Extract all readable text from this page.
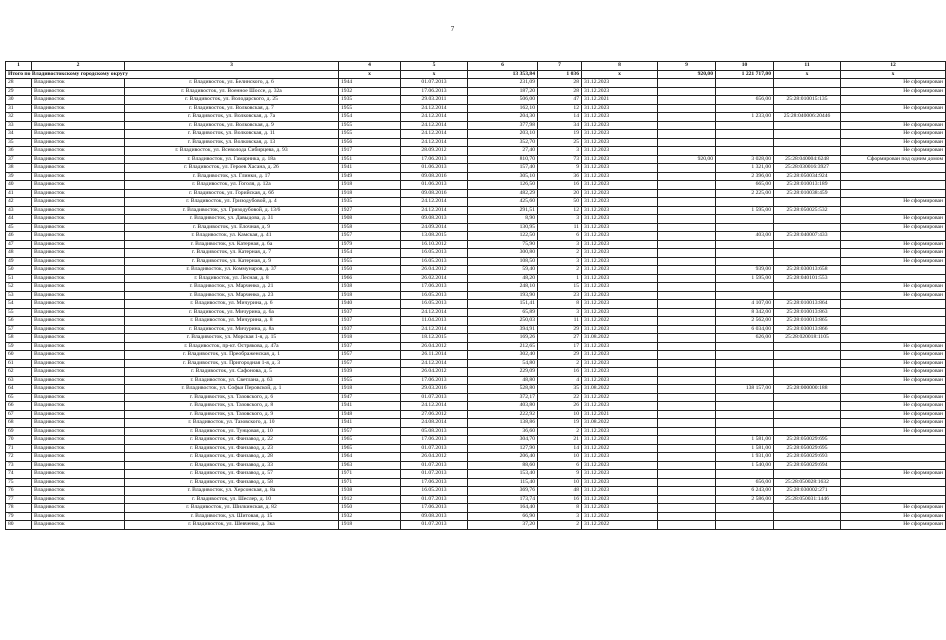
7
1	2	3	4	5	6	7	8	9	10	11	12
Итого по Владивостокскому городскому округу			x	x	13 353,84	1 036	x	920,00	1 221 717,00	x	x
28	Владивосток	г. Владивосток, ул. Белинского, д. 6	1944	01.07.2013	231,09	28	31.12.2023				Не сформирован
29	Владивосток	г. Владивосток, ул. Военное Шоссе, д. 32а	1932	17.06.2013	187,20	28	31.12.2023				Не сформирован
30	Владивосток	г. Владивосток, ул. Володарского, д. 25	1935	29.03.2011	506,00	47	31.12.2021		656,00	25:28:010015:135	
31	Владивосток	г. Владивосток, ул. Волковская, д. 7	1955	24.12.2014	162,10	12	31.12.2023				Не сформирован
32	Владивосток	г. Владивосток, ул. Волковская, д. 7а	1954	24.12.2014	204,30	14	31.12.2023		1 233,00	25:28:040006:20446	
33	Владивосток	г. Владивосток, ул. Волковская, д. 9	1955	24.12.2014	377,98	34	31.12.2023				Не сформирован
34	Владивосток	г. Владивосток, ул. Волковская, д. 11	1955	24.12.2014	203,10	19	31.12.2023				Не сформирован
35	Владивосток	г. Владивосток, ул. Волковская, д. 13	1956	24.12.2014	352,70	25	31.12.2023				Не сформирован
36	Владивосток	г. Владивосток, ул. Всеволода Сибирцева, д. 93	1917	28.09.2012	27,40	3	31.12.2023				Не сформирован
37	Владивосток	г. Владивосток, ул. Гамарника, д. 18а	1951	17.06.2013	810,70	73	31.12.2023	920,00	3 028,00	25:28:040004:6248	Сформирован под одним домом
38	Владивосток	г. Владивосток, ул. Героев Хасана, д. 26	1941	01.06.2013	157,40	9	31.12.2023		1 321,00	25:28:030016:3927	
39	Владивосток	г. Владивосток, ул. Глинки, д. 17	1949	09.08.2016	305,10	36	31.12.2023		2 396,00	25:28:050034:924	
40	Владивосток	г. Владивосток, ул. Гоголя, д. 12а	1918	01.06.2013	126,50	16	31.12.2023		665,00	25:28:010013:189	
41	Владивосток	г. Владивосток, ул. Горийская, д. 6б	1918	09.08.2016	482,29	20	31.12.2023		2 225,00	25:28:010038:459	
42	Владивосток	г. Владивосток, ул. Гризодубовой, д. 4	1935	24.12.2014	425,60	50	31.12.2023				Не сформирован
43	Владивосток	г. Владивосток, ул. Гризодубовой, д. 13/6	1927	24.12.2014	291,51	12	31.12.2023		1 595,00	25:28:050025:532	
44	Владивосток	г. Владивосток, ул. Давыдова, д. 31	1908	09.08.2013	8,90	3	31.12.2023				Не сформирован
45	Владивосток	г. Владивосток, ул. Ёлочная, д. 9	1958	24.09.2014	130,95	11	31.12.2023				Не сформирован
46	Владивосток	г. Владивосток, ул. Камская, д. 41	1957	13.08.2015	122,50	6	31.12.2023		403,00	25:28:040007:433	
47	Владивосток	г. Владивосток, ул. Катерная, д. 6а	1979	16.10.2012	75,90	3	31.12.2023				Не сформирован
48	Владивосток	г. Владивосток, ул. Катерная, д. 7	1954	16.05.2013	300,80	2	31.12.2023				Не сформирован
49	Владивосток	г. Владивосток, ул. Катерная, д. 9	1955	16.05.2013	108,50	3	31.12.2023				Не сформирован
50	Владивосток	г. Владивосток, ул. Коммунаров, д. 37	1950	26.04.2012	59,40	2	31.12.2023		939,00	25:28:030013:658	
51	Владивосток	г. Владивосток, ул. Лесная, д. 8	1966	26.02.2014	48,20	1	31.12.2023		1 595,00	25:28:040101:553	
52	Владивосток	г. Владивосток, ул. Марченко, д. 21	1938	17.06.2013	248,10	15	31.12.2023				Не сформирован
53	Владивосток	г. Владивосток, ул. Марченко, д. 23	1918	16.05.2013	193,90	23	31.12.2023				Не сформирован
54	Владивосток	г. Владивосток, ул. Мичурина, д. 6	1940	16.05.2013	151,41	8	31.12.2023		4 107,00	25:28:010013:864	
55	Владивосток	г. Владивосток, ул. Мичурина, д. 6а	1937	24.12.2014	65,89	3	31.12.2023		8 342,00	25:28:010013:863	
56	Владивосток	г. Владивосток, ул. Мичурина, д. 8	1937	11.04.2013	250,03	11	31.12.2022		2 562,00	25:28:010013:865	
57	Владивосток	г. Владивосток, ул. Мичурина, д. 8а	1937	24.12.2014	394,91	29	31.12.2023		6 034,00	25:28:030013:866	
58	Владивосток	г. Владивосток, ул. Морская 1-я, д. 15	1918	18.12.2015	169,26	27	31.08.2022		626,00	25:28:020018:1105	
59	Владивосток	г. Владивосток, пр-кт. Острякова, д. 47а	1937	26.04.2012	212,65	17	31.12.2023				Не сформирован
60	Владивосток	г. Владивосток, ул. Преображенская, д. 1	1957	26.11.2014	302,40	29	31.12.2023				Не сформирован
61	Владивосток	г. Владивосток, ул. Пригородная 1-я, д. 3	1957	24.12.2014	54,80	2	31.12.2023				Не сформирован
62	Владивосток	г. Владивосток, ул. Сафонова, д. 5	1939	26.04.2012	229,09	16	31.12.2023				Не сформирован
63	Владивосток	г. Владивосток, ул. Светлана, д. 63	1955	17.06.2013	48,80	4	31.12.2023				Не сформирован
64	Владивосток	г. Владивосток, ул. Софьи Перовской, д. 1	1918	29.03.2016	528,80	35	31.08.2022		138 157,00	25:28:000000:188	
65	Владивосток	г. Владивосток, ул. Тазовского, д. 6	1947	01.07.2013	372,17	22	31.12.2022				Не сформирован
66	Владивосток	г. Владивосток, ул. Тазовского, д. 8	1941	24.12.2014	403,80	26	31.12.2023				Не сформирован
67	Владивосток	г. Владивосток, ул. Тазовского, д. 9	1948	27.06.2012	222,92	10	31.12.2021				Не сформирован
68	Владивосток	г. Владивосток, ул. Тазовского, д. 10	1941	24.08.2014	138,86	19	31.08.2022				Не сформирован
69	Владивосток	г. Владивосток, ул. Тунцовая, д. 10	1957	05.08.2013	36,60	2	31.12.2023				Не сформирован
70	Владивосток	г. Владивосток, ул. Фанзавод, д. 22	1965	17.06.2013	304,70	21	31.12.2023		1 581,00	25:28:050029:695	
71	Владивосток	г. Владивосток, ул. Фанзавод, д. 23	1965	01.07.2013	127,90	14	31.12.2022		1 581,00	25:28:050029:695	
72	Владивосток	г. Владивосток, ул. Фанзавод, д. 28	1964	26.04.2012	206,40	10	31.12.2023		1 931,00	25:28:050029:693	
73	Владивосток	г. Владивосток, ул. Фанзавод, д. 33	1963	01.07.2013	88,60	6	31.12.2023		1 540,00	25:28:050029:694	
74	Владивосток	г. Владивосток, ул. Фанзавод, д. 57	1971	01.07.2013	153,40	9	31.12.2023				Не сформирован
75	Владивосток	г. Владивосток, ул. Фанзавод, д. 58	1971	17.06.2013	115,40	10	31.12.2023		656,00	25:28:050028:1632	
76	Владивосток	г. Владивосток, ул. Херсонская, д. 8а	1938	16.05.2013	369,76	48	31.12.2023		6 243,00	25:28:030002:271	
77	Владивосток	г. Владивосток, ул. Шеслер, д. 10	1912	01.07.2013	173,74	16	31.12.2023		2 586,00	25:28:050031:1446	
78	Владивосток	г. Владивосток, ул. Шилкинская, д. 82	1950	17.06.2013	164,40	8	31.12.2023				Не сформирован
79	Владивосток	г. Владивосток, ул. Шитовая, д. 15	1932	09.08.2013	66,90	3	31.12.2022				Не сформирован
80	Владивосток	г. Владивосток, ул. Шевченко, д. 3ка	1918	01.07.2013	37,20	2	31.12.2022				Не сформирован
